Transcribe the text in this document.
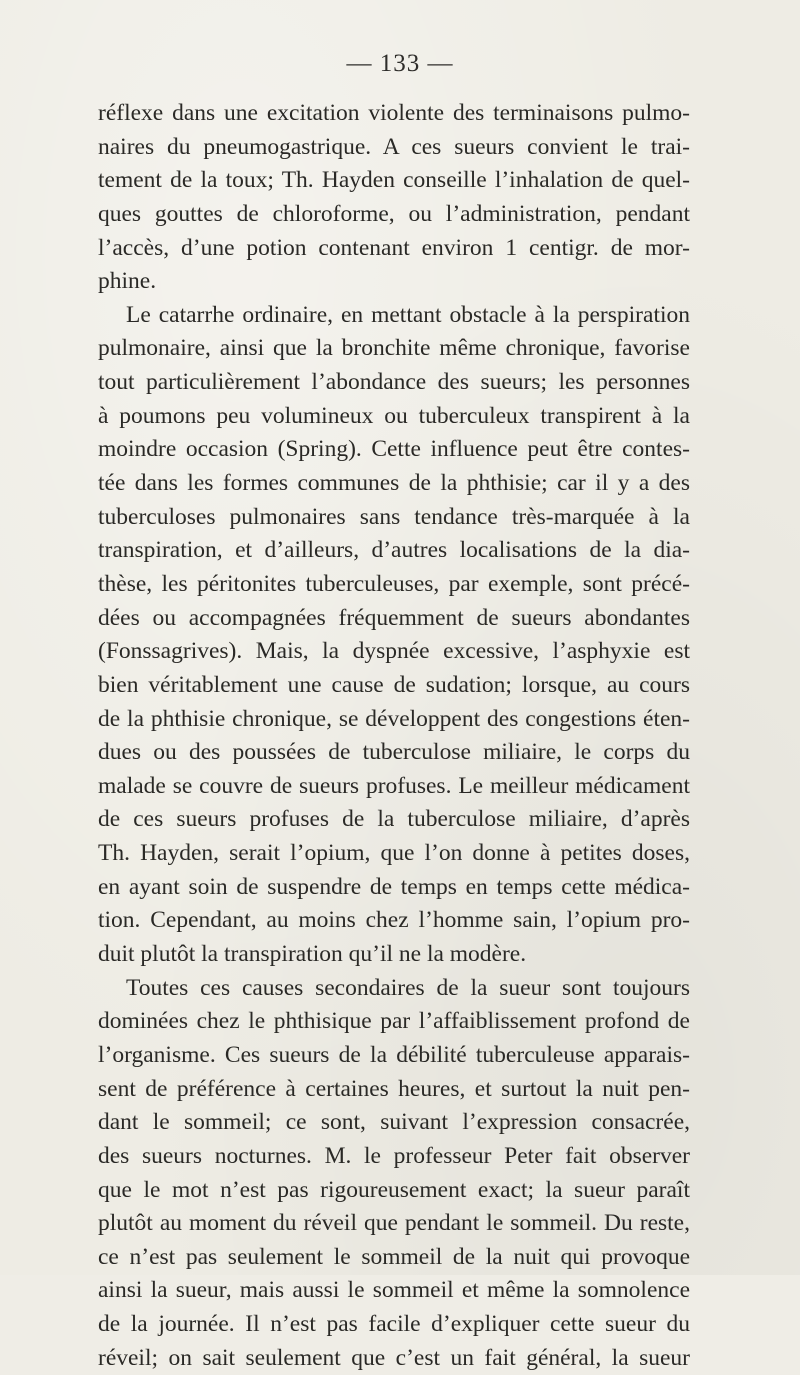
— 133 —
réflexe dans une excitation violente des terminaisons pulmo-
naires du pneumogastrique. A ces sueurs convient le trai-
tement de la toux; Th. Hayden conseille l’inhalation de quel-
ques gouttes de chloroforme, ou l’administration, pendant
l’accès, d’une potion contenant environ 1 centigr. de mor-
phine.
Le catarrhe ordinaire, en mettant obstacle à la perspiration
pulmonaire, ainsi que la bronchite même chronique, favorise
tout particulièrement l’abondance des sueurs; les personnes
à poumons peu volumineux ou tuberculeux transpirent à la
moindre occasion (Spring). Cette influence peut être contes-
tée dans les formes communes de la phthisie; car il y a des
tuberculoses pulmonaires sans tendance très-marquée à la
transpiration, et d’ailleurs, d’autres localisations de la dia-
thèse, les péritonites tuberculeuses, par exemple, sont précé-
dées ou accompagnées fréquemment de sueurs abondantes
(Fonssagrives). Mais, la dyspnée excessive, l’asphyxie est
bien véritablement une cause de sudation; lorsque, au cours
de la phthisie chronique, se développent des congestions éten-
dues ou des poussées de tuberculose miliaire, le corps du
malade se couvre de sueurs profuses. Le meilleur médicament
de ces sueurs profuses de la tuberculose miliaire, d’après
Th. Hayden, serait l’opium, que l’on donne à petites doses,
en ayant soin de suspendre de temps en temps cette médica-
tion. Cependant, au moins chez l’homme sain, l’opium pro-
duit plutôt la transpiration qu’il ne la modère.
Toutes ces causes secondaires de la sueur sont toujours
dominées chez le phthisique par l’affaiblissement profond de
l’organisme. Ces sueurs de la débilité tuberculeuse apparais-
sent de préférence à certaines heures, et surtout la nuit pen-
dant le sommeil; ce sont, suivant l’expression consacrée,
des sueurs nocturnes. M. le professeur Peter fait observer
que le mot n’est pas rigoureusement exact; la sueur paraît
plutôt au moment du réveil que pendant le sommeil. Du reste,
ce n’est pas seulement le sommeil de la nuit qui provoque
ainsi la sueur, mais aussi le sommeil et même la somnolence
de la journée. Il n’est pas facile d’expliquer cette sueur du
réveil; on sait seulement que c’est un fait général, la sueur
